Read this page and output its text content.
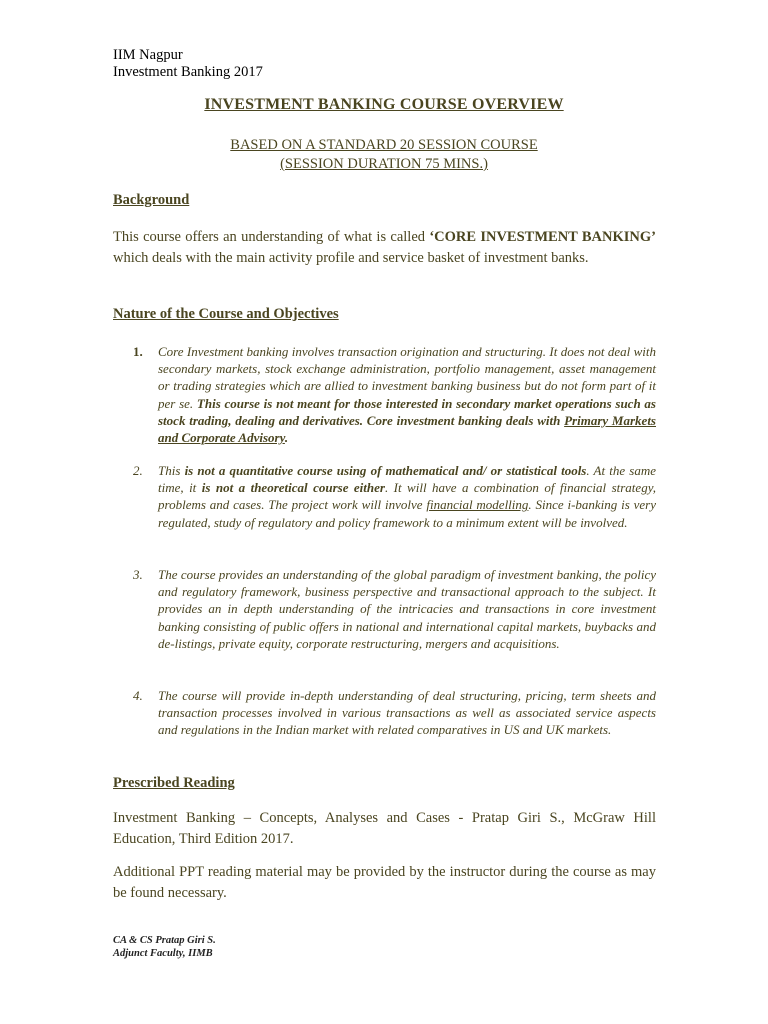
IIM Nagpur
Investment Banking 2017
INVESTMENT BANKING COURSE OVERVIEW
BASED ON A STANDARD 20 SESSION COURSE
(SESSION DURATION 75 MINS.)
Background
This course offers an understanding of what is called ‘CORE INVESTMENT BANKING’ which deals with the main activity profile and service basket of investment banks.
Nature of the Course and Objectives
1.	Core Investment banking involves transaction origination and structuring. It does not deal with secondary markets, stock exchange administration, portfolio management, asset management or trading strategies which are allied to investment banking business but do not form part of it per se. This course is not meant for those interested in secondary market operations such as stock trading, dealing and derivatives. Core investment banking deals with Primary Markets and Corporate Advisory.
2.	This is not a quantitative course using of mathematical and/ or statistical tools. At the same time, it is not a theoretical course either. It will have a combination of financial strategy, problems and cases. The project work will involve financial modelling. Since i-banking is very regulated, study of regulatory and policy framework to a minimum extent will be involved.
3.	The course provides an understanding of the global paradigm of investment banking, the policy and regulatory framework, business perspective and transactional approach to the subject. It provides an in depth understanding of the intricacies and transactions in core investment banking consisting of public offers in national and international capital markets, buybacks and de-listings, private equity, corporate restructuring, mergers and acquisitions.
4.	The course will provide in-depth understanding of deal structuring, pricing, term sheets and transaction processes involved in various transactions as well as associated service aspects and regulations in the Indian market with related comparatives in US and UK markets.
Prescribed Reading
Investment Banking – Concepts, Analyses and Cases - Pratap Giri S., McGraw Hill Education, Third Edition 2017.
Additional PPT reading material may be provided by the instructor during the course as may be found necessary.
CA & CS Pratap Giri S.
Adjunct Faculty, IIMB
